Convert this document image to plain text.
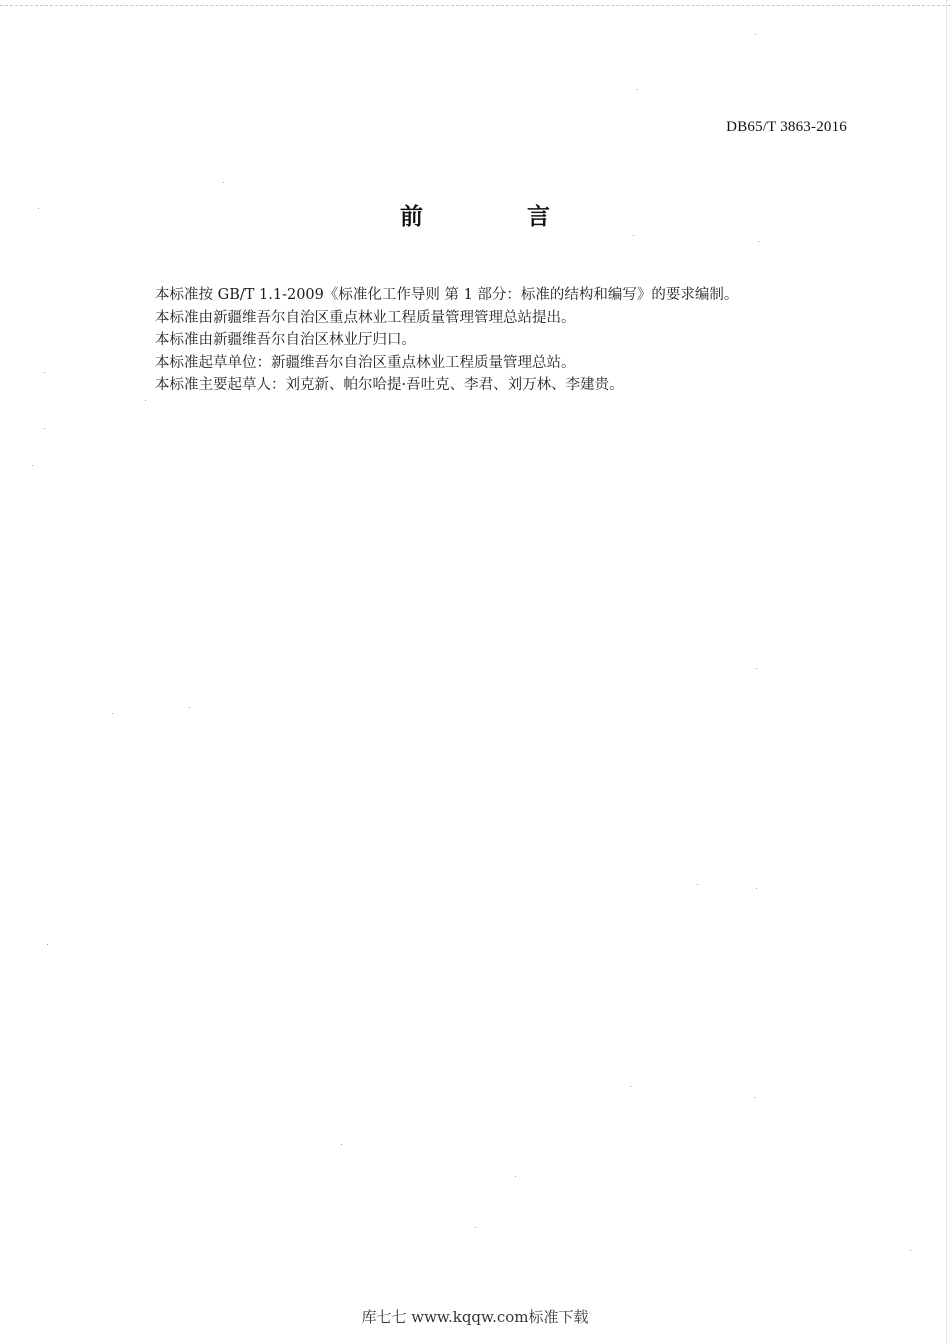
DB65/T 3863-2016
前 言
本标准按 GB/T 1.1-2009《标准化工作导则 第 1 部分：标准的结构和编写》的要求编制。
本标准由新疆维吾尔自治区重点林业工程质量管理管理总站提出。
本标准由新疆维吾尔自治区林业厅归口。
本标准起草单位：新疆维吾尔自治区重点林业工程质量管理总站。
本标准主要起草人：刘克新、帕尔哈提·吾吐克、李君、刘万林、李建贵。
库七七 www.kqqw.com标准下载
